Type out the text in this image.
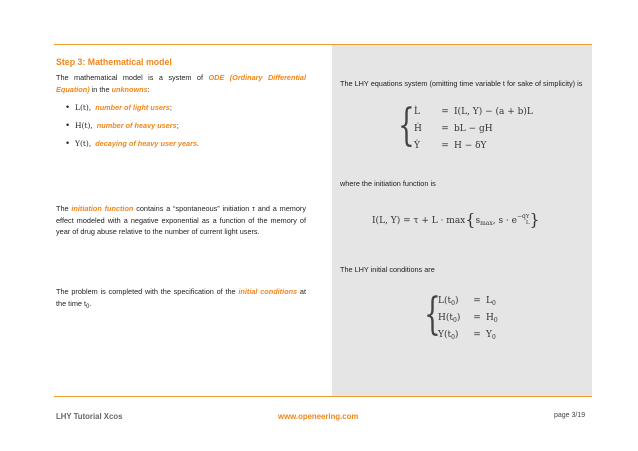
Step 3: Mathematical model

The mathematical model is a system of ODE (Ordinary Differential Equation) in the unknowns:

• L(t), number of light users ;
• H(t), number of heavy users ;
• Y(t), decaying of heavy user years.

The initiation function contains a “spontaneous” initiation τ and a memory effect modeled with a negative exponential as a function of the memory of year of drug abuse relative to the number of current light users.

The problem is completed with the specification of the initial conditions at the time $t_0$.

The LHY equations system (omitting time variable t for sake of simplicity) is

{ L̇ = I(L, Y) − (a + b)L
Ḣ = bL − gH
Ẏ = H − δY

where the initiation function is

I(L, $Y) = \tau + L \cdot \max\{s_{max}$, $s \cdot e^{-q}$ Y
L }

The LHY initial conditions are

{
$L(t_0) = L_0$
$H(t_0) = H_0$
$Y(t_0) = Y_0$
LHY Tutorial Xcos	www.openeering.com	page 3/19
